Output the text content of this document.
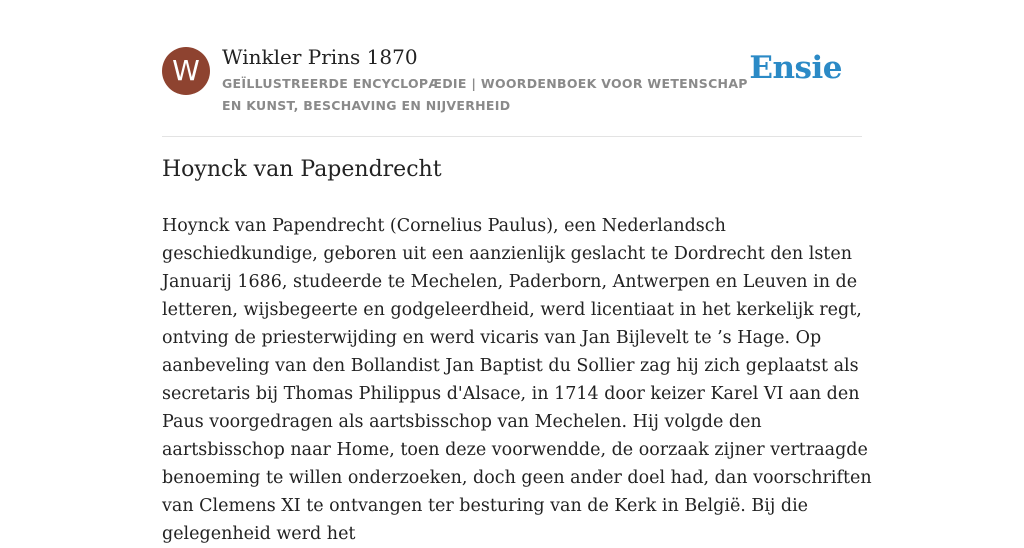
W	Winkler Prins 1870
GEÏLLUSTREERDE ENCYCLOPÆDIE | WOORDENBOEK VOOR WETENSCHAP EN KUNST, BESCHAVING EN NIJVERHEID
Ensie
Hoynck van Papendrecht

Hoynck van Papendrecht (Cornelius Paulus), een Nederlandsch geschiedkundige, geboren uit een aanzienlijk geslacht te Dordrecht den lsten Januarij 1686, studeerde te Mechelen, Paderborn, Antwerpen en Leuven in de letteren, wijsbegeerte en godgeleerdheid, werd licentiaat in het kerkelijk regt, ontving de priesterwijding en werd vicaris van Jan Bijlevelt te ’s Hage. Op aanbeveling van den Bollandist Jan Baptist du Sollier zag hij zich geplaatst als secretaris bij Thomas Philippus d'Alsace, in 1714 door keizer Karel VI aan den Paus voorgedragen als aartsbisschop van Mechelen. Hij volgde den aartsbisschop naar Home, toen deze voorwendde, de oorzaak zijner vertraagde benoeming te willen onderzoeken, doch geen ander doel had, dan voorschriften van Clemens XI te ontvangen ter besturing van de Kerk in België. Bij die gelegenheid werd het
